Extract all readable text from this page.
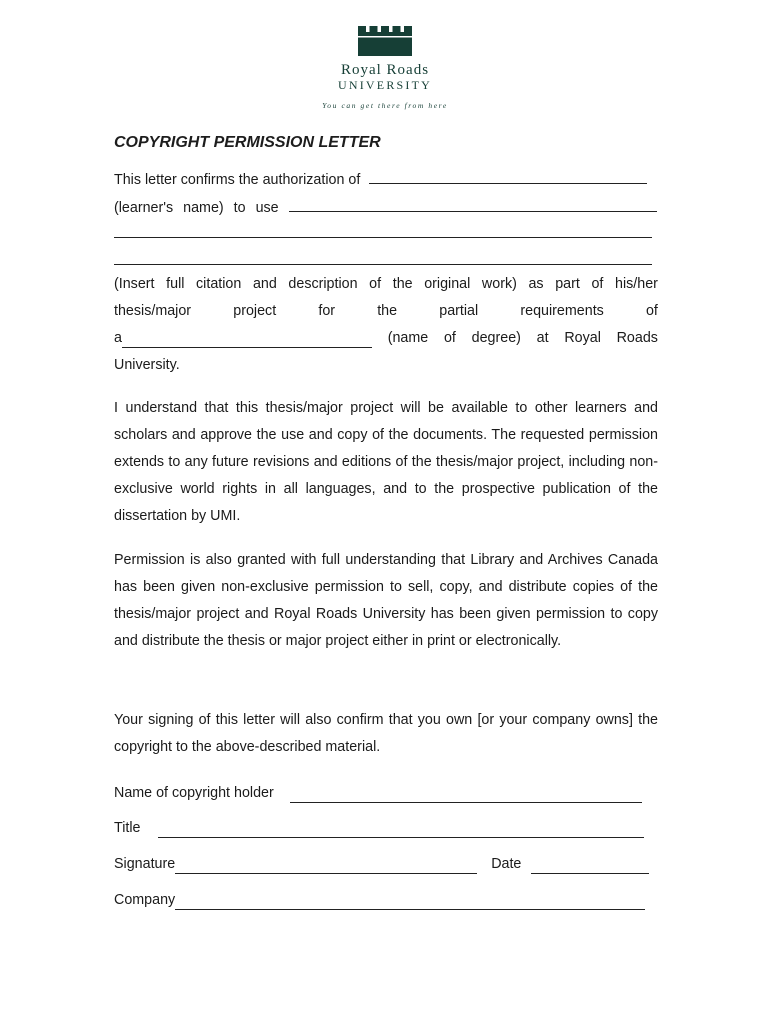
Royal Roads
UNIVERSITY
You can get there from here
COPYRIGHT PERMISSION LETTER
This letter confirms the authorization of
(learner's name) to use
(Insert full citation and description of the original work) as part of his/her
thesis/major	project	for	the	partial	requirements	of
a	(name of degree) at Royal Roads
University.

I understand that this thesis/major project will be available to other learners and scholars and approve the use and copy of the documents. The requested permission extends to any future revisions and editions of the thesis/major project, including non-exclusive world rights in all languages, and to the prospective publication of the dissertation by UMI.

Permission is also granted with full understanding that Library and Archives Canada has been given non-exclusive permission to sell, copy, and distribute copies of the thesis/major project and Royal Roads University has been given permission to copy and distribute the thesis or major project either in print or electronically.

Your signing of this letter will also confirm that you own [or your company owns] the copyright to the above-described material.

Name of copyright holder
Title
Signature	Date
Company
